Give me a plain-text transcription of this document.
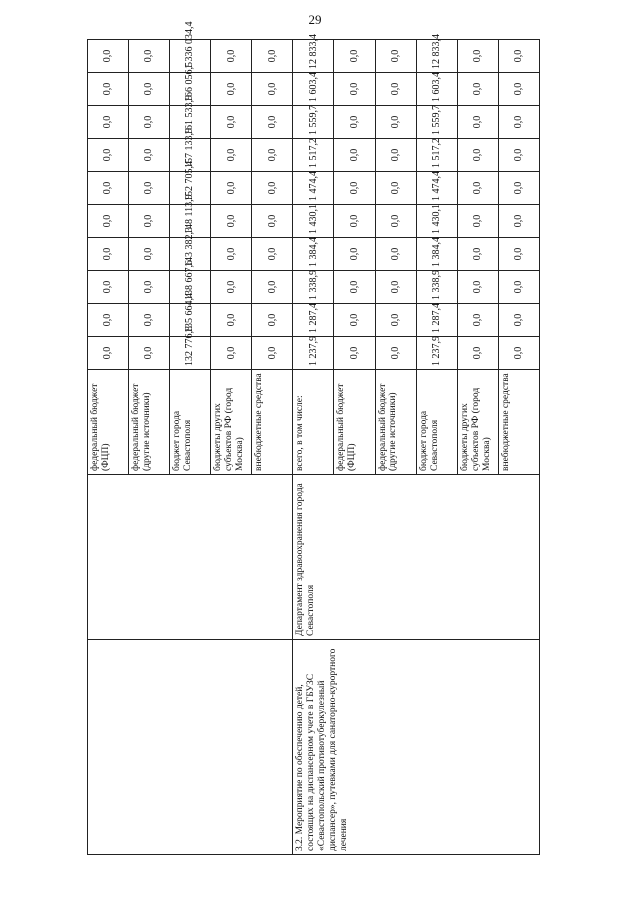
29
		федеральный бюджет (ФЦП)	0,0	0,0	0,0	0,0	0,0	0,0	0,0	0,0	0,0	0,0
		федеральный бюджет (другие источники)	0,0	0,0	0,0	0,0	0,0	0,0	0,0	0,0	0,0	0,0
		бюджет города Севастополя	132 776,8	135 664,4	138 667,6	143 382,3	148 113,9	152 705,4	157 133,9	161 533,9	166 056,5	1 336 034,4
		бюджеты других субъектов РФ (город Москва)	0,0	0,0	0,0	0,0	0,0	0,0	0,0	0,0	0,0	0,0
		внебюджетные средства	0,0	0,0	0,0	0,0	0,0	0,0	0,0	0,0	0,0	0,0
3.2. Мероприятие по обеспечению детей, состоящих на диспансерном учете в ГБУЗС «Севастопольский противотуберкулезный диспансер», путевками для санаторно-курортного лечения	Департамент здравоохранения города Севастополя	всего, в том числе:	1 237,9	1 287,4	1 338,9	1 384,4	1 430,1	1 474,4	1 517,2	1 559,7	1 603,4	12 833,4
		федеральный бюджет (ФЦП)	0,0	0,0	0,0	0,0	0,0	0,0	0,0	0,0	0,0	0,0
		федеральный бюджет (другие источники)	0,0	0,0	0,0	0,0	0,0	0,0	0,0	0,0	0,0	0,0
		бюджет города Севастополя	1 237,9	1 287,4	1 338,9	1 384,4	1 430,1	1 474,4	1 517,2	1 559,7	1 603,4	12 833,4
		бюджеты других субъектов РФ (город Москва)	0,0	0,0	0,0	0,0	0,0	0,0	0,0	0,0	0,0	0,0
		внебюджетные средства	0,0	0,0	0,0	0,0	0,0	0,0	0,0	0,0	0,0	0,0
